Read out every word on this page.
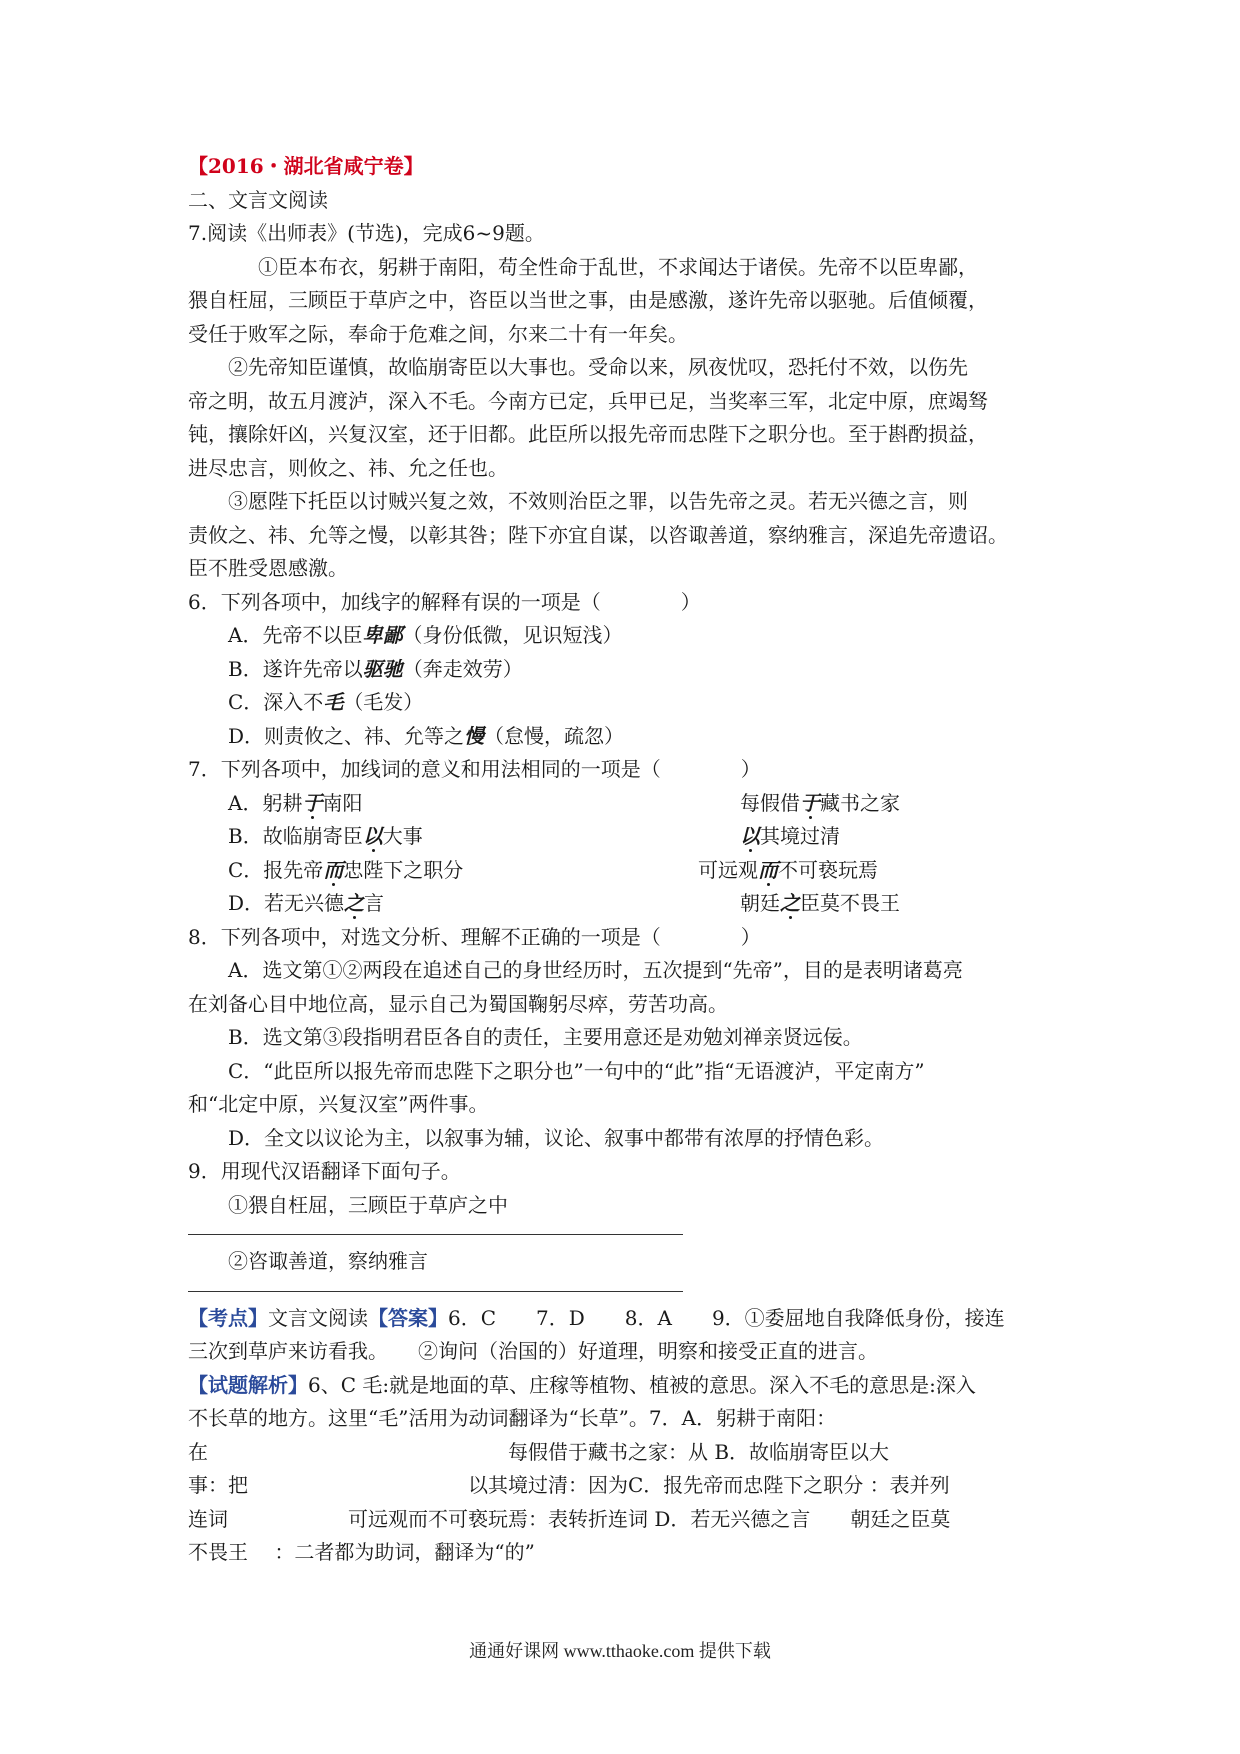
【2016・湖北省咸宁卷】
二、文言文阅读
7.阅读《出师表》(节选)，完成6~9题。
①臣本布衣，躬耕于南阳，苟全性命于乱世，不求闻达于诸侯。先帝不以臣卑鄙，
猥自枉屈，三顾臣于草庐之中，咨臣以当世之事，由是感激，遂许先帝以驱驰。后值倾覆，
受任于败军之际，奉命于危难之间，尔来二十有一年矣。
②先帝知臣谨慎，故临崩寄臣以大事也。受命以来，夙夜忧叹，恐托付不效，以伤先
帝之明，故五月渡泸，深入不毛。今南方已定，兵甲已足，当奖率三军，北定中原，庶竭驽
钝，攘除奸凶，兴复汉室，还于旧都。此臣所以报先帝而忠陛下之职分也。至于斟酌损益，
进尽忠言，则攸之、祎、允之任也。
③愿陛下托臣以讨贼兴复之效，不效则治臣之罪，以告先帝之灵。若无兴德之言，则
责攸之、祎、允等之慢，以彰其咎；陛下亦宜自谋，以咨诹善道，察纳雅言，深追先帝遗诏。
臣不胜受恩感激。
6．下列各项中，加线字的解释有误的一项是（　　　　）
A．先帝不以臣卑鄙（身份低微，见识短浅）
B．遂许先帝以驱驰（奔走效劳）
C．深入不毛（毛发）
D．则责攸之、祎、允等之慢（怠慢，疏忽）
7．下列各项中，加线词的意义和用法相同的一项是（　　　　）
A．躬耕于南阳	每假借于藏书之家
B．故临崩寄臣以大事	以其境过清
C．报先帝而忠陛下之职分	可远观而不可亵玩焉
D．若无兴德之言	朝廷之臣莫不畏王
8．下列各项中，对选文分析、理解不正确的一项是（　　　　）
A．选文第①②两段在追述自己的身世经历时，五次提到“先帝”，目的是表明诸葛亮
在刘备心目中地位高，显示自己为蜀国鞠躬尽瘁，劳苦功高。
B．选文第③段指明君臣各自的责任，主要用意还是劝勉刘禅亲贤远佞。
C．“此臣所以报先帝而忠陛下之职分也”一句中的“此”指“无语渡泸，平定南方”
和“北定中原，兴复汉室”两件事。
D．全文以议论为主，以叙事为辅，议论、叙事中都带有浓厚的抒情色彩。
9．用现代汉语翻译下面句子。
①猥自枉屈，三顾臣于草庐之中
②咨诹善道，察纳雅言
【考点】文言文阅读【答案】6．C　　7．D　　8．A　　9．①委屈地自我降低身份，接连
三次到草庐来访看我。　　②询问（治国的）好道理，明察和接受正直的进言。
【试题解析】6、C 毛:就是地面的草、庄稼等植物、植被的意思。深入不毛的意思是:深入
不长草的地方。这里“毛”活用为动词翻译为“长草”。7．A．躬耕于南阳：
在　　　　　　　　　　　　　　　每假借于藏书之家：从 B．故临崩寄臣以大
事：把　　　　　　　　　　　以其境过清：因为C．报先帝而忠陛下之职分 ：表并列
连词　　　　　　可远观而不可亵玩焉：表转折连词 D．若无兴德之言　　朝廷之臣莫
不畏王　 ：二者都为助词，翻译为“的”
通通好课网 www.tthaoke.com 提供下载
